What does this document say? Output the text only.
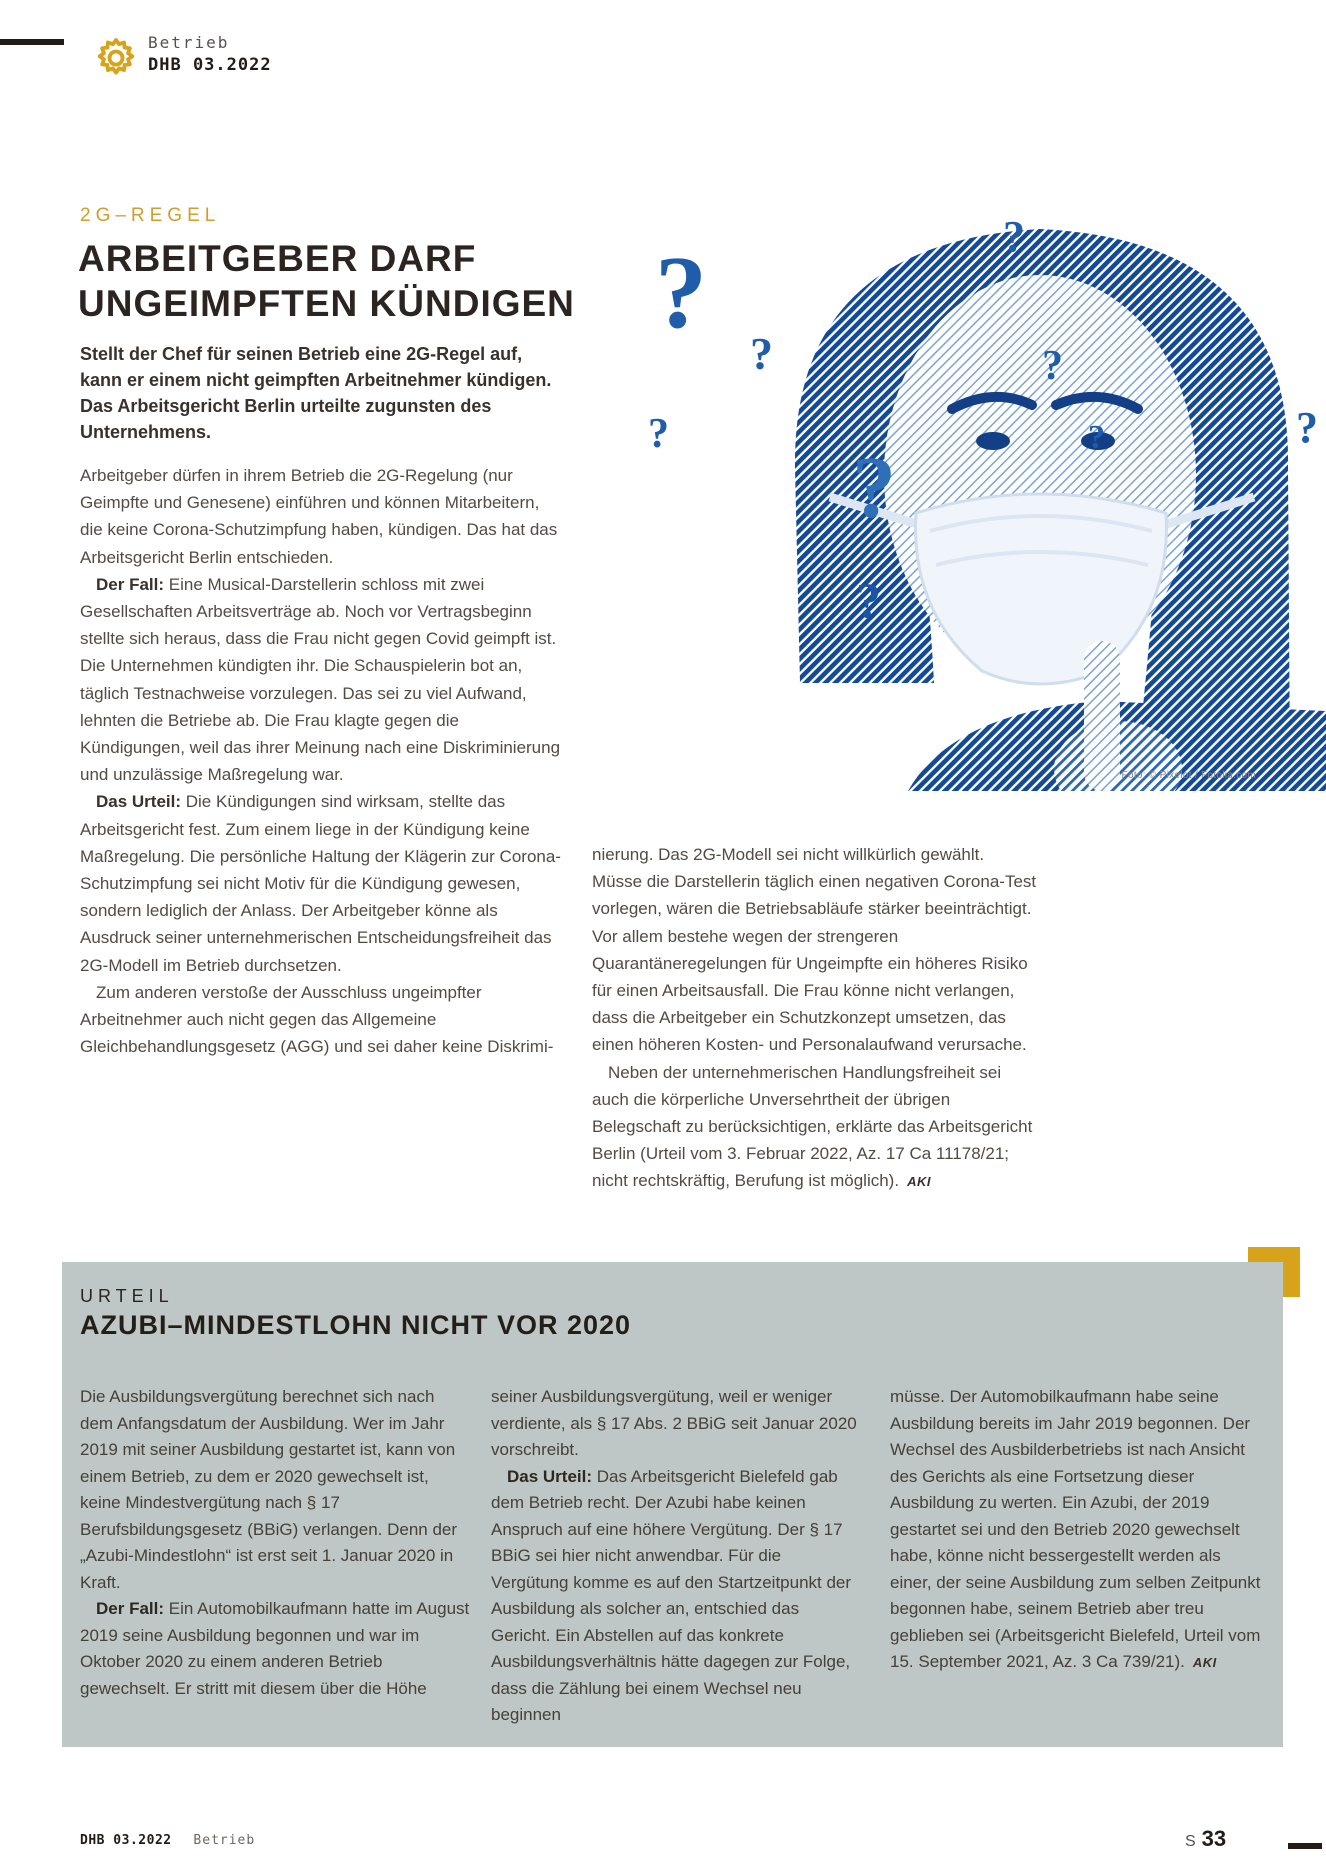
Betrieb
DHB 03.2022
2G–REGEL
ARBEITGEBER DARF
UNGEIMPFTEN KÜNDIGEN

Stellt der Chef für seinen Betrieb eine 2G-Regel auf, kann er einem nicht geimpften Arbeitnehmer kündigen. Das Arbeitsgericht Berlin urteilte zugunsten des Unternehmens.

Arbeitgeber dürfen in ihrem Betrieb die 2G-Regelung (nur Geimpfte und Genesene) einführen und können Mitarbeitern, die keine Corona-Schutzimpfung haben, kündigen. Das hat das Arbeitsgericht Berlin entschieden.

Der Fall: Eine Musical-Darstellerin schloss mit zwei Gesellschaften Arbeitsverträge ab. Noch vor Vertragsbeginn stellte sich heraus, dass die Frau nicht gegen Covid geimpft ist. Die Unternehmen kündigten ihr. Die Schauspielerin bot an, täglich Testnachweise vorzulegen. Das sei zu viel Aufwand, lehnten die Betriebe ab. Die Frau klagte gegen die Kündigungen, weil das ihrer Meinung nach eine Diskriminierung und unzulässige Maßregelung war.

Das Urteil: Die Kündigungen sind wirksam, stellte das Arbeitsgericht fest. Zum einem liege in der Kündigung keine Maßregelung. Die persönliche Haltung der Klägerin zur Corona-Schutzimpfung sei nicht Motiv für die Kündigung gewesen, sondern lediglich der Anlass. Der Arbeitgeber könne als Ausdruck seiner unternehmerischen Entscheidungsfreiheit das 2G-Modell im Betrieb durchsetzen.

Zum anderen verstoße der Ausschluss ungeimpfter Arbeitnehmer auch nicht gegen das Allgemeine Gleichbehandlungsgesetz (AGG) und sei daher keine Diskrimi-

nierung. Das 2G-Modell sei nicht willkürlich gewählt. Müsse die Darstellerin täglich einen negativen Corona-Test vorlegen, wären die Betriebsabläufe stärker beeinträchtigt. Vor allem bestehe wegen der strengeren Quarantäneregelungen für Ungeimpfte ein höheres Risiko für einen Arbeitsausfall. Die Frau könne nicht verlangen, dass die Arbeitgeber ein Schutzkonzept umsetzen, das einen höheren Kosten- und Personalaufwand verursache.

Neben der unternehmerischen Handlungsfreiheit sei auch die körperliche Unversehrtheit der übrigen Belegschaft zu berücksichtigen, erklärte das Arbeitsgericht Berlin (Urteil vom 3. Februar 2022, Az. 17 Ca 11178/21; nicht rechtskräftig, Berufung ist möglich). AKI

?
?
?
?
?	?
?
?
?
Foto: © Pixelot / Fotolia.com
URTEIL
AZUBI–MINDESTLOHN NICHT VOR 2020

Die Ausbildungsvergütung berechnet sich nach dem Anfangsdatum der Ausbildung. Wer im Jahr 2019 mit seiner Ausbildung gestartet ist, kann von einem Betrieb, zu dem er 2020 gewechselt ist, keine Mindestvergütung nach § 17 Berufsbildungsgesetz (BBiG) verlangen. Denn der „Azubi-Mindestlohn“ ist erst seit 1. Januar 2020 in Kraft.

Der Fall: Ein Automobilkaufmann hatte im August 2019 seine Ausbildung begonnen und war im Oktober 2020 zu einem anderen Betrieb gewechselt. Er stritt mit diesem über die Höhe

seiner Ausbildungsvergütung, weil er weniger verdiente, als § 17 Abs. 2 BBiG seit Januar 2020 vorschreibt.

Das Urteil: Das Arbeitsgericht Bielefeld gab dem Betrieb recht. Der Azubi habe keinen Anspruch auf eine höhere Vergütung. Der § 17 BBiG sei hier nicht anwendbar. Für die Vergütung komme es auf den Startzeitpunkt der Ausbildung als solcher an, entschied das Gericht. Ein Abstellen auf das konkrete Ausbildungsverhältnis hätte dagegen zur Folge, dass die Zählung bei einem Wechsel neu beginnen

müsse. Der Automobilkaufmann habe seine Ausbildung bereits im Jahr 2019 begonnen. Der Wechsel des Ausbilderbetriebs ist nach Ansicht des Gerichts als eine Fortsetzung dieser Ausbildung zu werten. Ein Azubi, der 2019 gestartet sei und den Betrieb 2020 gewechselt habe, könne nicht bessergestellt werden als einer, der seine Ausbildung zum selben Zeitpunkt begonnen habe, seinem Betrieb aber treu geblieben sei (Arbeitsgericht Bielefeld, Urteil vom 15. September 2021, Az. 3 Ca 739/21). AKI

DHB 03.2022 Betrieb	S 33
